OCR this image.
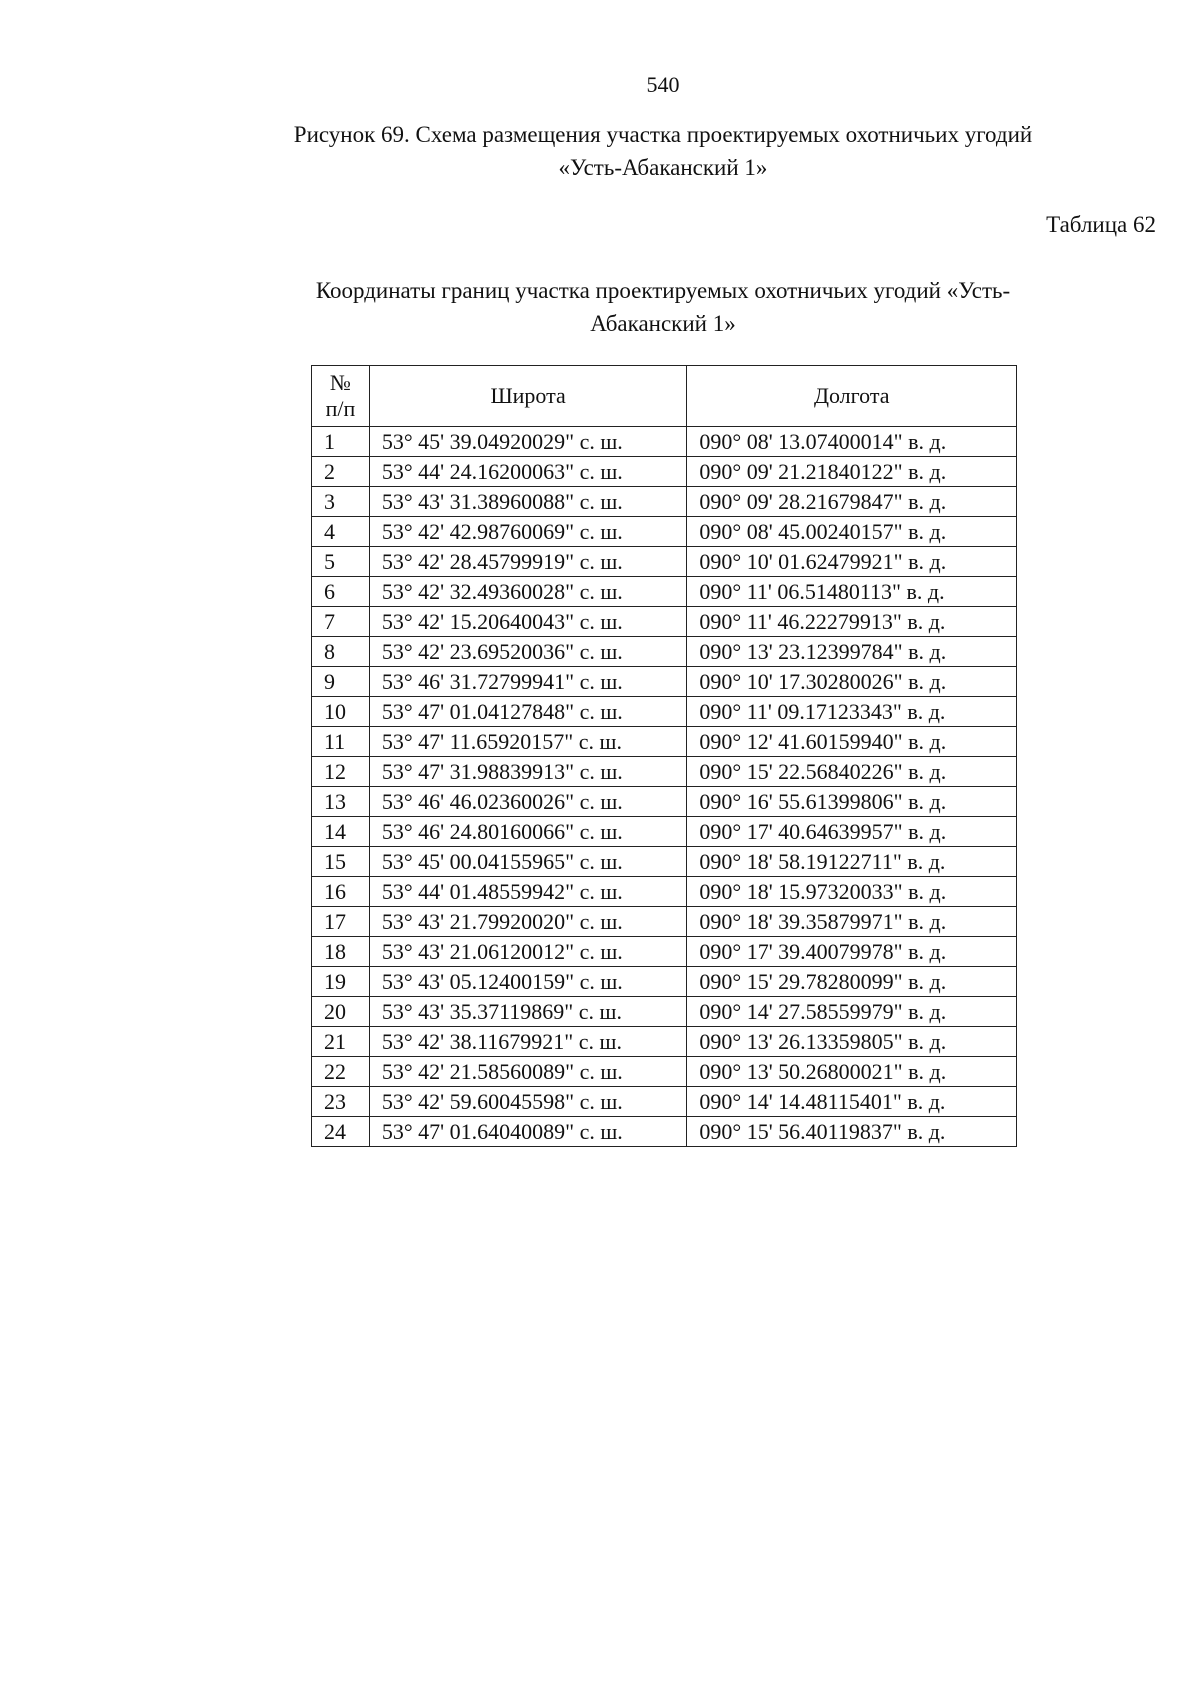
540
Рисунок 69. Схема размещения участка проектируемых охотничьих угодий
«Усть-Абаканский 1»
Таблица 62
Координаты границ участка проектируемых охотничьих угодий «Усть-
Абаканский 1»
№
п/п	Широта	Долгота
1	53° 45' 39.04920029" с. ш.	090° 08' 13.07400014" в. д.
2	53° 44' 24.16200063" с. ш.	090° 09' 21.21840122" в. д.
3	53° 43' 31.38960088" с. ш.	090° 09' 28.21679847" в. д.
4	53° 42' 42.98760069" с. ш.	090° 08' 45.00240157" в. д.
5	53° 42' 28.45799919" с. ш.	090° 10' 01.62479921" в. д.
6	53° 42' 32.49360028" с. ш.	090° 11' 06.51480113" в. д.
7	53° 42' 15.20640043" с. ш.	090° 11' 46.22279913" в. д.
8	53° 42' 23.69520036" с. ш.	090° 13' 23.12399784" в. д.
9	53° 46' 31.72799941" с. ш.	090° 10' 17.30280026" в. д.
10	53° 47' 01.04127848" с. ш.	090° 11' 09.17123343" в. д.
11	53° 47' 11.65920157" с. ш.	090° 12' 41.60159940" в. д.
12	53° 47' 31.98839913" с. ш.	090° 15' 22.56840226" в. д.
13	53° 46' 46.02360026" с. ш.	090° 16' 55.61399806" в. д.
14	53° 46' 24.80160066" с. ш.	090° 17' 40.64639957" в. д.
15	53° 45' 00.04155965" с. ш.	090° 18' 58.19122711" в. д.
16	53° 44' 01.48559942" с. ш.	090° 18' 15.97320033" в. д.
17	53° 43' 21.79920020" с. ш.	090° 18' 39.35879971" в. д.
18	53° 43' 21.06120012" с. ш.	090° 17' 39.40079978" в. д.
19	53° 43' 05.12400159" с. ш.	090° 15' 29.78280099" в. д.
20	53° 43' 35.37119869" с. ш.	090° 14' 27.58559979" в. д.
21	53° 42' 38.11679921" с. ш.	090° 13' 26.13359805" в. д.
22	53° 42' 21.58560089" с. ш.	090° 13' 50.26800021" в. д.
23	53° 42' 59.60045598" с. ш.	090° 14' 14.48115401" в. д.
24	53° 47' 01.64040089" с. ш.	090° 15' 56.40119837" в. д.
